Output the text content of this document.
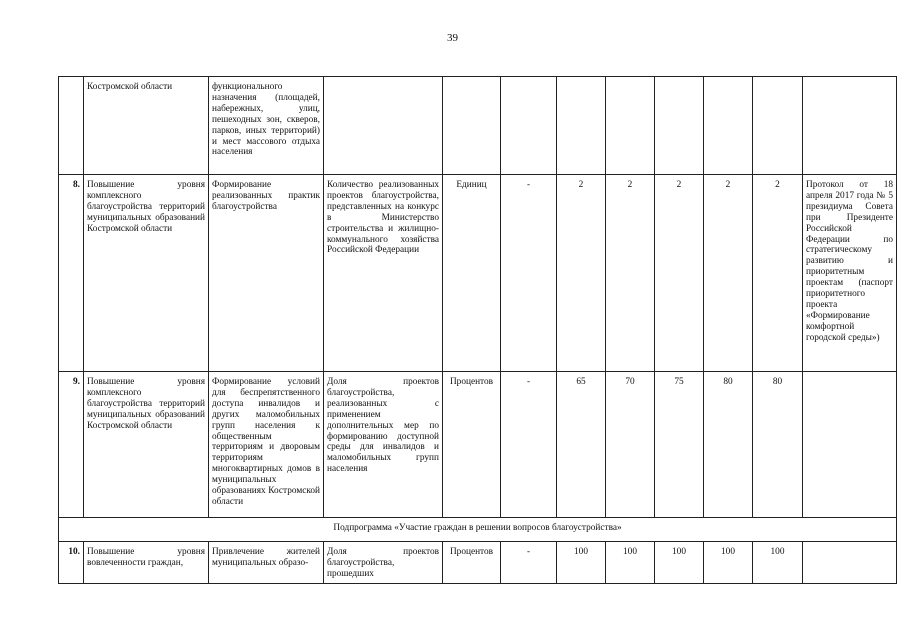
39
	Костромской области	функционального назначения (площадей, набережных, улиц, пешеходных зон, скверов, парков, иных территорий) и мест массового отдыха населения									
8.	Повышение уровня комплексного благоустройства территорий муниципальных образований Костромской области	Формирование реализованных практик благоустройства	Количество реализованных проектов благоустройства, представленных на конкурс в Министерство строительства и жилищно-коммунального хозяйства Российской Федерации	Единиц	-	2	2	2	2	2	Протокол от 18 апреля 2017 года № 5 президиума Совета при Президенте Российской Федерации по стратегическому развитию и приоритетным проектам (паспорт приоритетного проекта «Формирование комфортной городской среды»)
9.	Повышение уровня комплексного благоустройства территорий муниципальных образований Костромской области	Формирование условий для беспрепятственного доступа инвалидов и других маломобильных групп населения к общественным территориям и дворовым территориям многоквартирных домов в муниципальных образованиях Костромской области	Доля проектов благоустройства, реализованных с применением дополнительных мер по формированию доступной среды для инвалидов и маломобильных групп населения	Процентов	-	65	70	75	80	80	
Подпрограмма «Участие граждан в решении вопросов благоустройства»											
10.	Повышение уровня вовлеченности граждан,	Привлечение жителей муниципальных образо-	Доля проектов благоустройства, прошедших	Процентов	-	100	100	100	100	100	
